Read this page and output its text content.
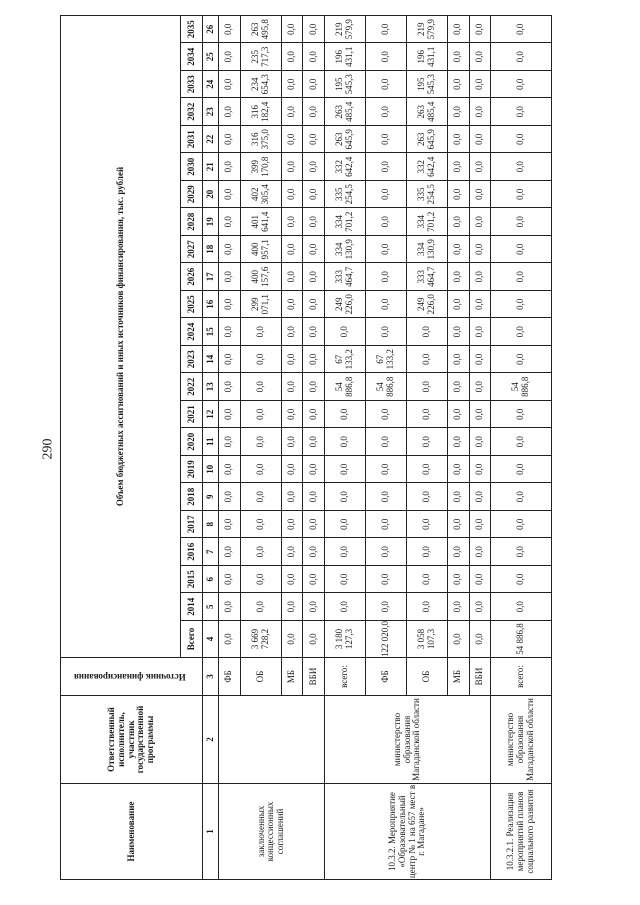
290
Наименование	Ответственный исполнитель, участник государственной программы	Источник финансирования	Объем бюджетных ассигнований и иных источников финансирования, тыс. рублей																						
			Всего	2014	2015	2016	2017	2018	2019	2020	2021	2022	2023	2024	2025	2026	2027	2028	2029	2030	2031	2032	2033	2034	2035
1	2	3	4	5	6	7	8	9	10	11	12	13	14	15	16	17	18	19	20	21	22	23	24	25	26
заключенных концессионных соглашений		ФБ	0,0	0,0	0,0	0,0	0,0	0,0	0,0	0,0	0,0	0,0	0,0	0,0	0,0	0,0	0,0	0,0	0,0	0,0	0,0	0,0	0,0	0,0	0,0
		ОБ	3 669 728,2	0,0	0,0	0,0	0,0	0,0	0,0	0,0	0,0	0,0	0,0	0,0	299 071,1	400 157,6	400 957,1	401 641,4	402 305,4	399 170,8	316 375,0	316 182,4	234 654,3	235 717,3	263 495,8
		МБ	0,0	0,0	0,0	0,0	0,0	0,0	0,0	0,0	0,0	0,0	0,0	0,0	0,0	0,0	0,0	0,0	0,0	0,0	0,0	0,0	0,0	0,0	0,0
		ВБИ	0,0	0,0	0,0	0,0	0,0	0,0	0,0	0,0	0,0	0,0	0,0	0,0	0,0	0,0	0,0	0,0	0,0	0,0	0,0	0,0	0,0	0,0	0,0
10.3.2. Мероприятие «Образовательный центр № 1 на 657 мест в г. Магадане»	министерство образования Магаданской области	всего:	3 180 127,3	0,0	0,0	0,0	0,0	0,0	0,0	0,0	0,0	54 886,8	67 133,2	0,0	249 226,0	333 464,7	334 130,9	334 701,2	335 254,5	332 642,4	263 645,9	263 485,4	195 545,3	196 431,1	219 579,9
		ФБ	122 020,0	0,0	0,0	0,0	0,0	0,0	0,0	0,0	0,0	54 886,8	67 133,2	0,0	0,0	0,0	0,0	0,0	0,0	0,0	0,0	0,0	0,0	0,0	0,0
		ОБ	3 058 107,3	0,0	0,0	0,0	0,0	0,0	0,0	0,0	0,0	0,0	0,0	0,0	249 226,0	333 464,7	334 130,9	334 701,2	335 254,5	332 642,4	263 645,9	263 485,4	195 545,3	196 431,1	219 579,9
		МБ	0,0	0,0	0,0	0,0	0,0	0,0	0,0	0,0	0,0	0,0	0,0	0,0	0,0	0,0	0,0	0,0	0,0	0,0	0,0	0,0	0,0	0,0	0,0
		ВБИ	0,0	0,0	0,0	0,0	0,0	0,0	0,0	0,0	0,0	0,0	0,0	0,0	0,0	0,0	0,0	0,0	0,0	0,0	0,0	0,0	0,0	0,0	0,0
10.3.2.1. Реализация мероприятий планов социального развития	министерство образования Магаданской области	всего:	54 886,8	0,0	0,0	0,0	0,0	0,0	0,0	0,0	0,0	54 886,8	0,0	0,0	0,0	0,0	0,0	0,0	0,0	0,0	0,0	0,0	0,0	0,0	0,0
